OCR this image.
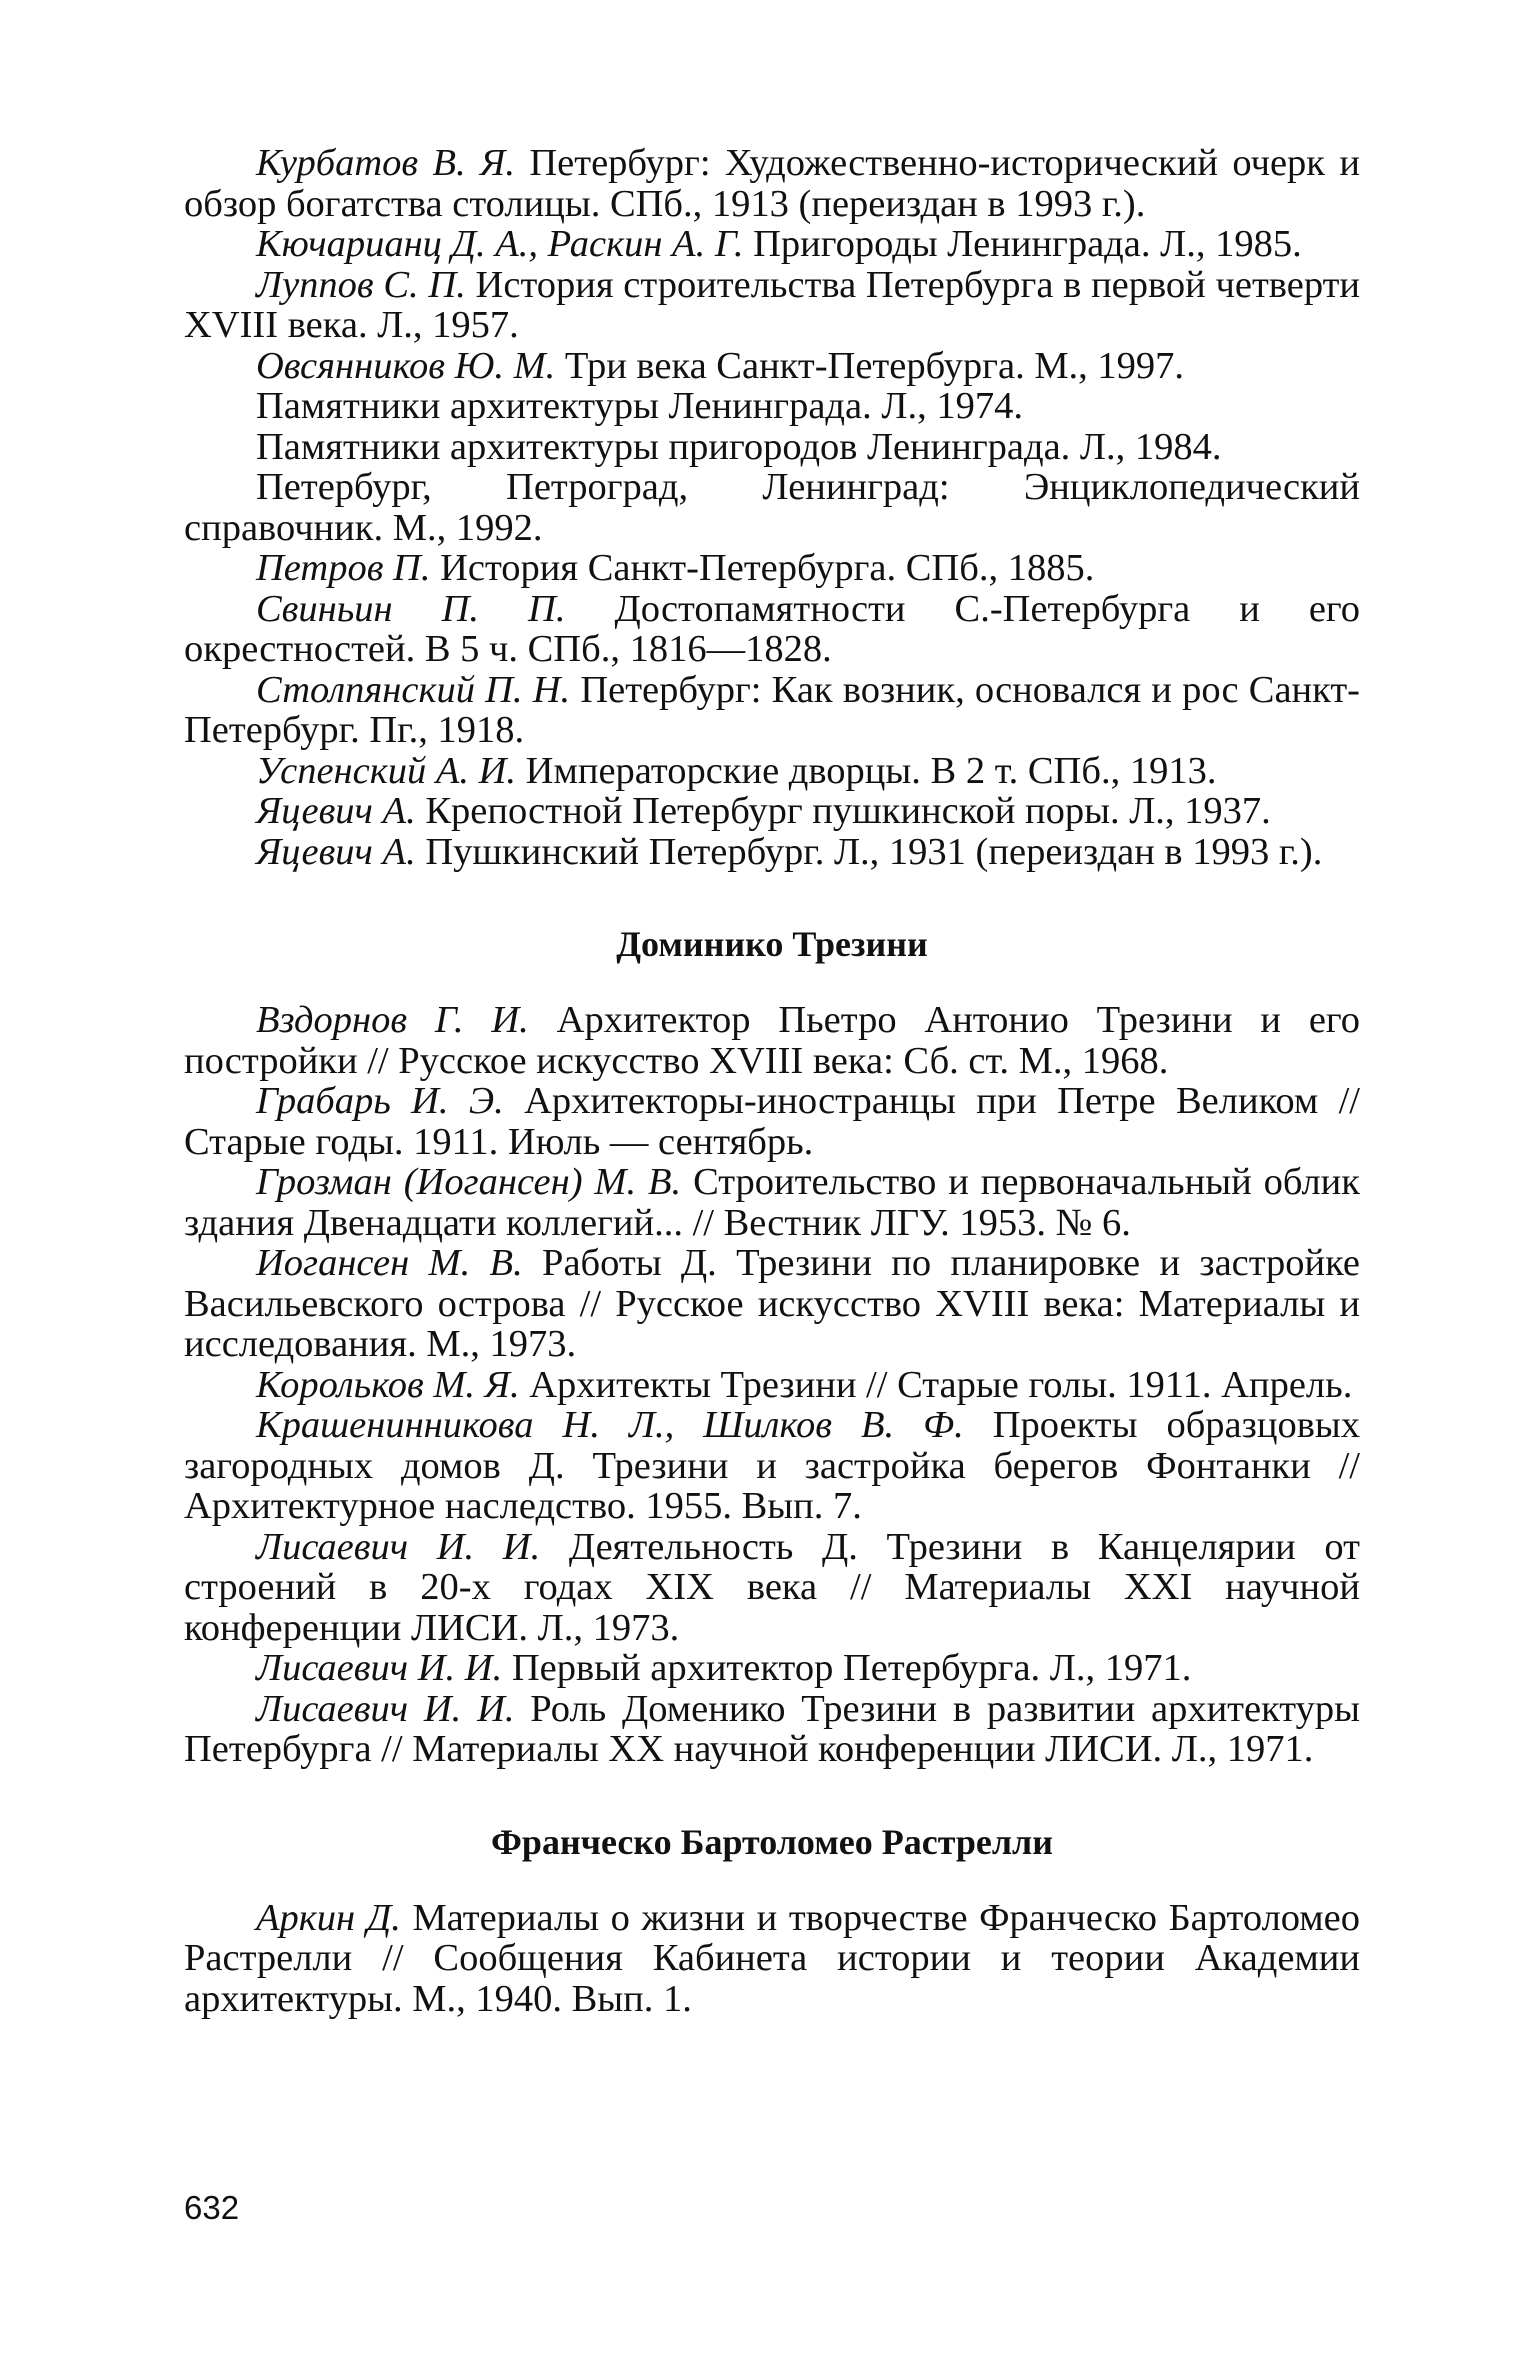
Курбатов В. Я. Петербург: Художественно-исторический очерк и обзор богатства столицы. СПб., 1913 (переиздан в 1993 г.).

Кючарианц Д. А., Раскин А. Г. Пригороды Ленинграда. Л., 1985.

Луппов С. П. История строительства Петербурга в первой четверти XVIII века. Л., 1957.

Овсянников Ю. М. Три века Санкт-Петербурга. М., 1997.

Памятники архитектуры Ленинграда. Л., 1974.

Памятники архитектуры пригородов Ленинграда. Л., 1984.

Петербург, Петроград, Ленинград: Энциклопедический справочник. М., 1992.

Петров П. История Санкт-Петербурга. СПб., 1885.

Свиньин П. П. Достопамятности С.-Петербурга и его окрестностей. В 5 ч. СПб., 1816—1828.

Столпянский П. Н. Петербург: Как возник, основался и рос Санкт-Петербург. Пг., 1918.

Успенский А. И. Императорские дворцы. В 2 т. СПб., 1913.

Яцевич А. Крепостной Петербург пушкинской поры. Л., 1937.

Яцевич А. Пушкинский Петербург. Л., 1931 (переиздан в 1993 г.).

Доминико Трезини

Вздорнов Г. И. Архитектор Пьетро Антонио Трезини и его постройки // Русское искусство XVIII века: Сб. ст. М., 1968.

Грабарь И. Э. Архитекторы-иностранцы при Петре Великом // Старые годы. 1911. Июль — сентябрь.

Грозман (Иогансен) М. В. Строительство и первоначальный облик здания Двенадцати коллегий... // Вестник ЛГУ. 1953. № 6.

Иогансен М. В. Работы Д. Трезини по планировке и застройке Васильевского острова // Русское искусство XVIII века: Материалы и исследования. М., 1973.

Корольков М. Я. Архитекты Трезини // Старые голы. 1911. Апрель.

Крашенинникова Н. Л., Шилков В. Ф. Проекты образцовых загородных домов Д. Трезини и застройка берегов Фонтанки // Архитектурное наследство. 1955. Вып. 7.

Лисаевич И. И. Деятельность Д. Трезини в Канцелярии от строений в 20-х годах XIX века // Материалы XXI научной конференции ЛИСИ. Л., 1973.

Лисаевич И. И. Первый архитектор Петербурга. Л., 1971.

Лисаевич И. И. Роль Доменико Трезини в развитии архитектуры Петербурга // Материалы XX научной конференции ЛИСИ. Л., 1971.

Франческо Бартоломео Растрелли

Аркин Д. Материалы о жизни и творчестве Франческо Бартоломео Растрелли // Сообщения Кабинета истории и теории Академии архитектуры. М., 1940. Вып. 1.

632
